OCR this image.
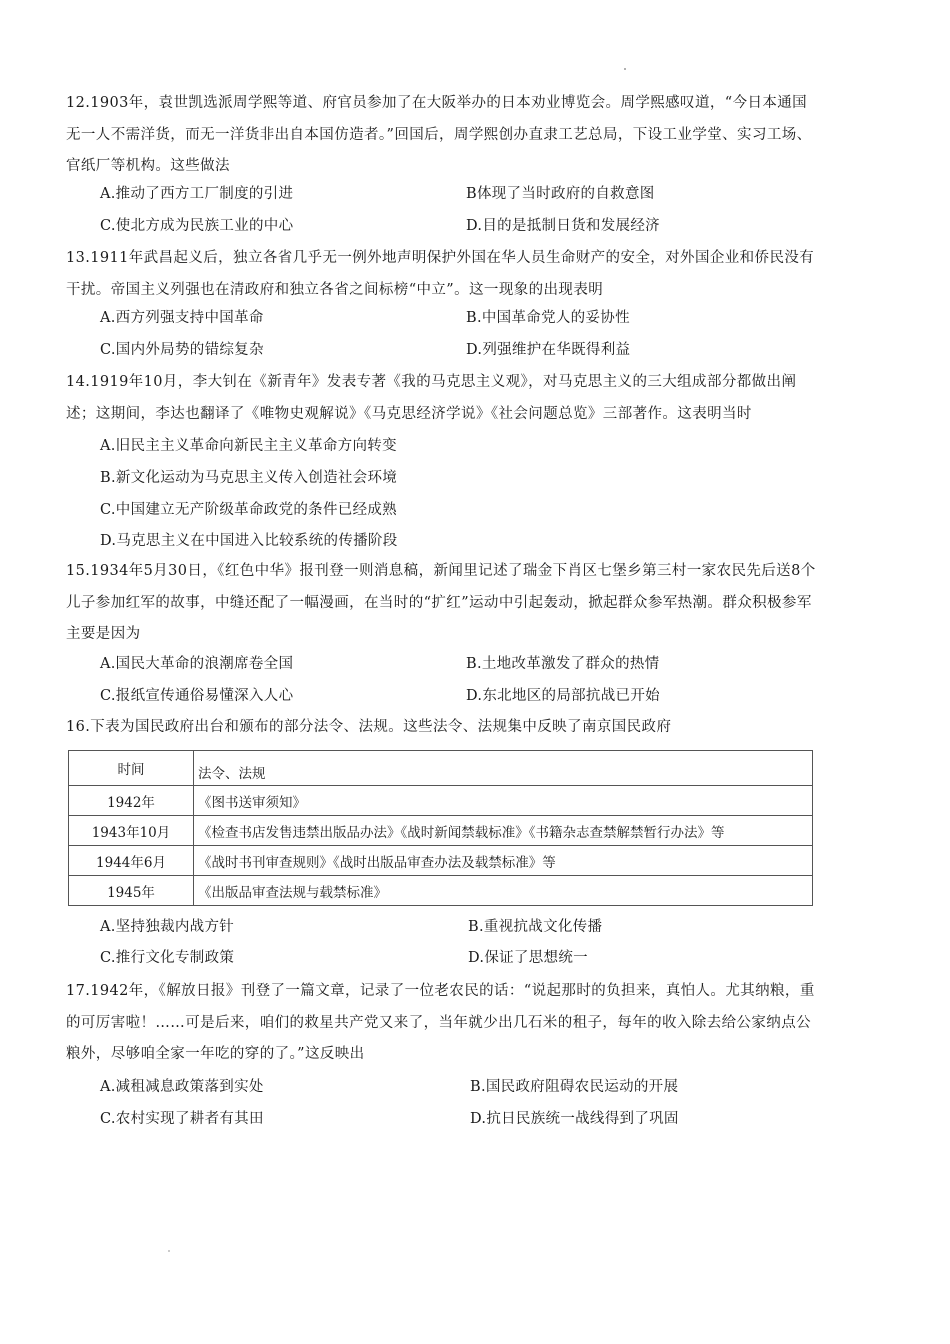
12.1903年，袁世凯选派周学熙等道、府官员参加了在大阪举办的日本劝业博览会。周学熙感叹道，“今日本通国无一人不需洋货，而无一洋货非出自本国仿造者。”回国后，周学熙创办直隶工艺总局，下设工业学堂、实习工场、官纸厂等机构。这些做法
A.推动了西方工厂制度的引进	B体现了当时政府的自救意图
C.使北方成为民族工业的中心	D.目的是抵制日货和发展经济
13.1911年武昌起义后，独立各省几乎无一例外地声明保护外国在华人员生命财产的安全，对外国企业和侨民没有干扰。帝国主义列强也在清政府和独立各省之间标榜“中立”。这一现象的出现表明
A.西方列强支持中国革命	B.中国革命党人的妥协性
C.国内外局势的错综复杂	D.列强维护在华既得利益
14.1919年10月，李大钊在《新青年》发表专著《我的马克思主义观》，对马克思主义的三大组成部分都做出阐述；这期间，李达也翻译了《唯物史观解说》《马克思经济学说》《社会问题总览》三部著作。这表明当时
A.旧民主主义革命向新民主主义革命方向转变
B.新文化运动为马克思主义传入创造社会环境
C.中国建立无产阶级革命政党的条件已经成熟
D.马克思主义在中国进入比较系统的传播阶段
15.1934年5月30日，《红色中华》报刊登一则消息稿，新闻里记述了瑞金下肖区七堡乡第三村一家农民先后送8个儿子参加红军的故事，中缝还配了一幅漫画，在当时的“扩红”运动中引起轰动，掀起群众参军热潮。群众积极参军主要是因为
A.国民大革命的浪潮席卷全国	B.土地改革激发了群众的热情
C.报纸宣传通俗易懂深入人心	D.东北地区的局部抗战已开始
16.下表为国民政府出台和颁布的部分法令、法规。这些法令、法规集中反映了南京国民政府
时间	法令、法规
1942年	《图书送审须知》
1943年10月	《检查书店发售违禁出版品办法》《战时新闻禁载标准》《书籍杂志查禁解禁暂行办法》等
1944年6月	《战时书刊审查规则》《战时出版品审查办法及载禁标准》等
1945年	《出版品审查法规与载禁标准》
A.坚持独裁内战方针	B.重视抗战文化传播
C.推行文化专制政策	D.保证了思想统一
17.1942年，《解放日报》刊登了一篇文章，记录了一位老农民的话：“说起那时的负担来，真怕人。尤其纳粮，重的可厉害啦！……可是后来，咱们的救星共产党又来了，当年就少出几石米的租子，每年的收入除去给公家纳点公粮外，尽够咱全家一年吃的穿的了。”这反映出
A.减租减息政策落到实处	B.国民政府阻碍农民运动的开展
C.农村实现了耕者有其田	D.抗日民族统一战线得到了巩固
